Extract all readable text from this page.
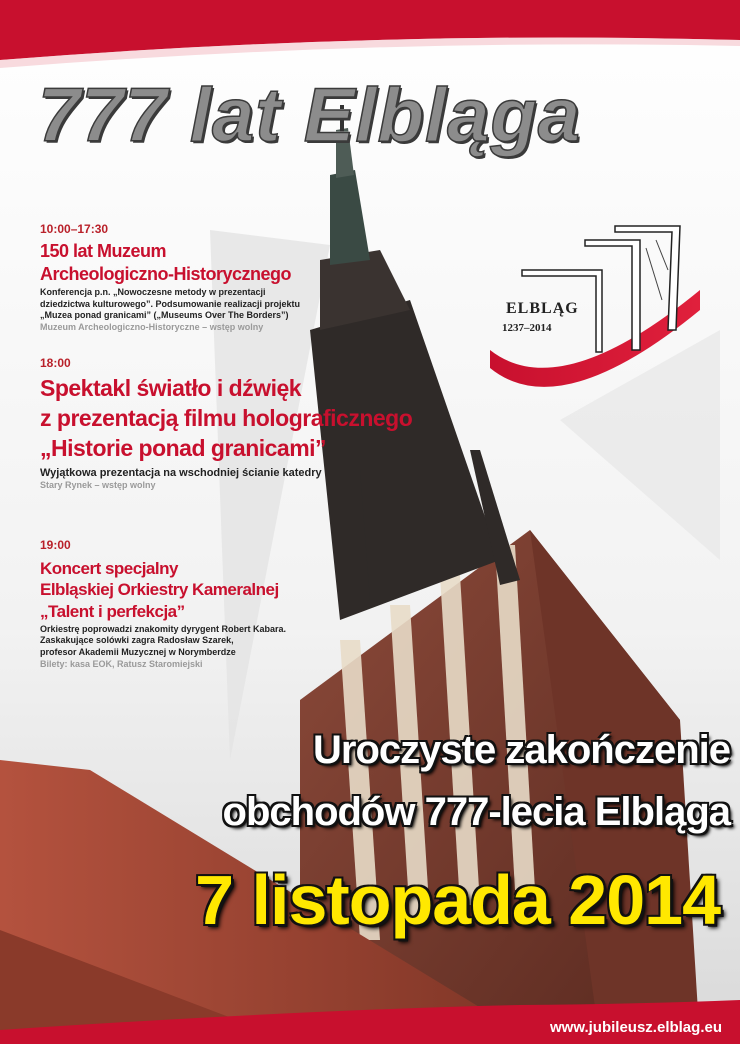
777 lat Elbląga
ELBLĄG
1237–2014
10:00–17:30
150 lat Muzeum
Archeologiczno-Historycznego
Konferencja p.n. „Nowoczesne metody w prezentacji
dziedzictwa kulturowego”. Podsumowanie realizacji projektu
„Muzea ponad granicami” („Museums Over The Borders”)
Muzeum Archeologiczno-Historyczne – wstęp wolny
18:00
Spektakl światło i dźwięk
z prezentacją filmu holograficznego
„Historie ponad granicami”
Wyjątkowa prezentacja na wschodniej ścianie katedry
Stary Rynek – wstęp wolny
19:00
Koncert specjalny
Elbląskiej Orkiestry Kameralnej
„Talent i perfekcja”
Orkiestrę poprowadzi znakomity dyrygent Robert Kabara.
Zaskakujące solówki zagra Radosław Szarek,
profesor Akademii Muzycznej w Norymberdze
Bilety: kasa EOK, Ratusz Staromiejski
Uroczyste zakończenie
obchodów 777-lecia Elbląga
7 listopada 2014
www.jubileusz.elblag.eu
